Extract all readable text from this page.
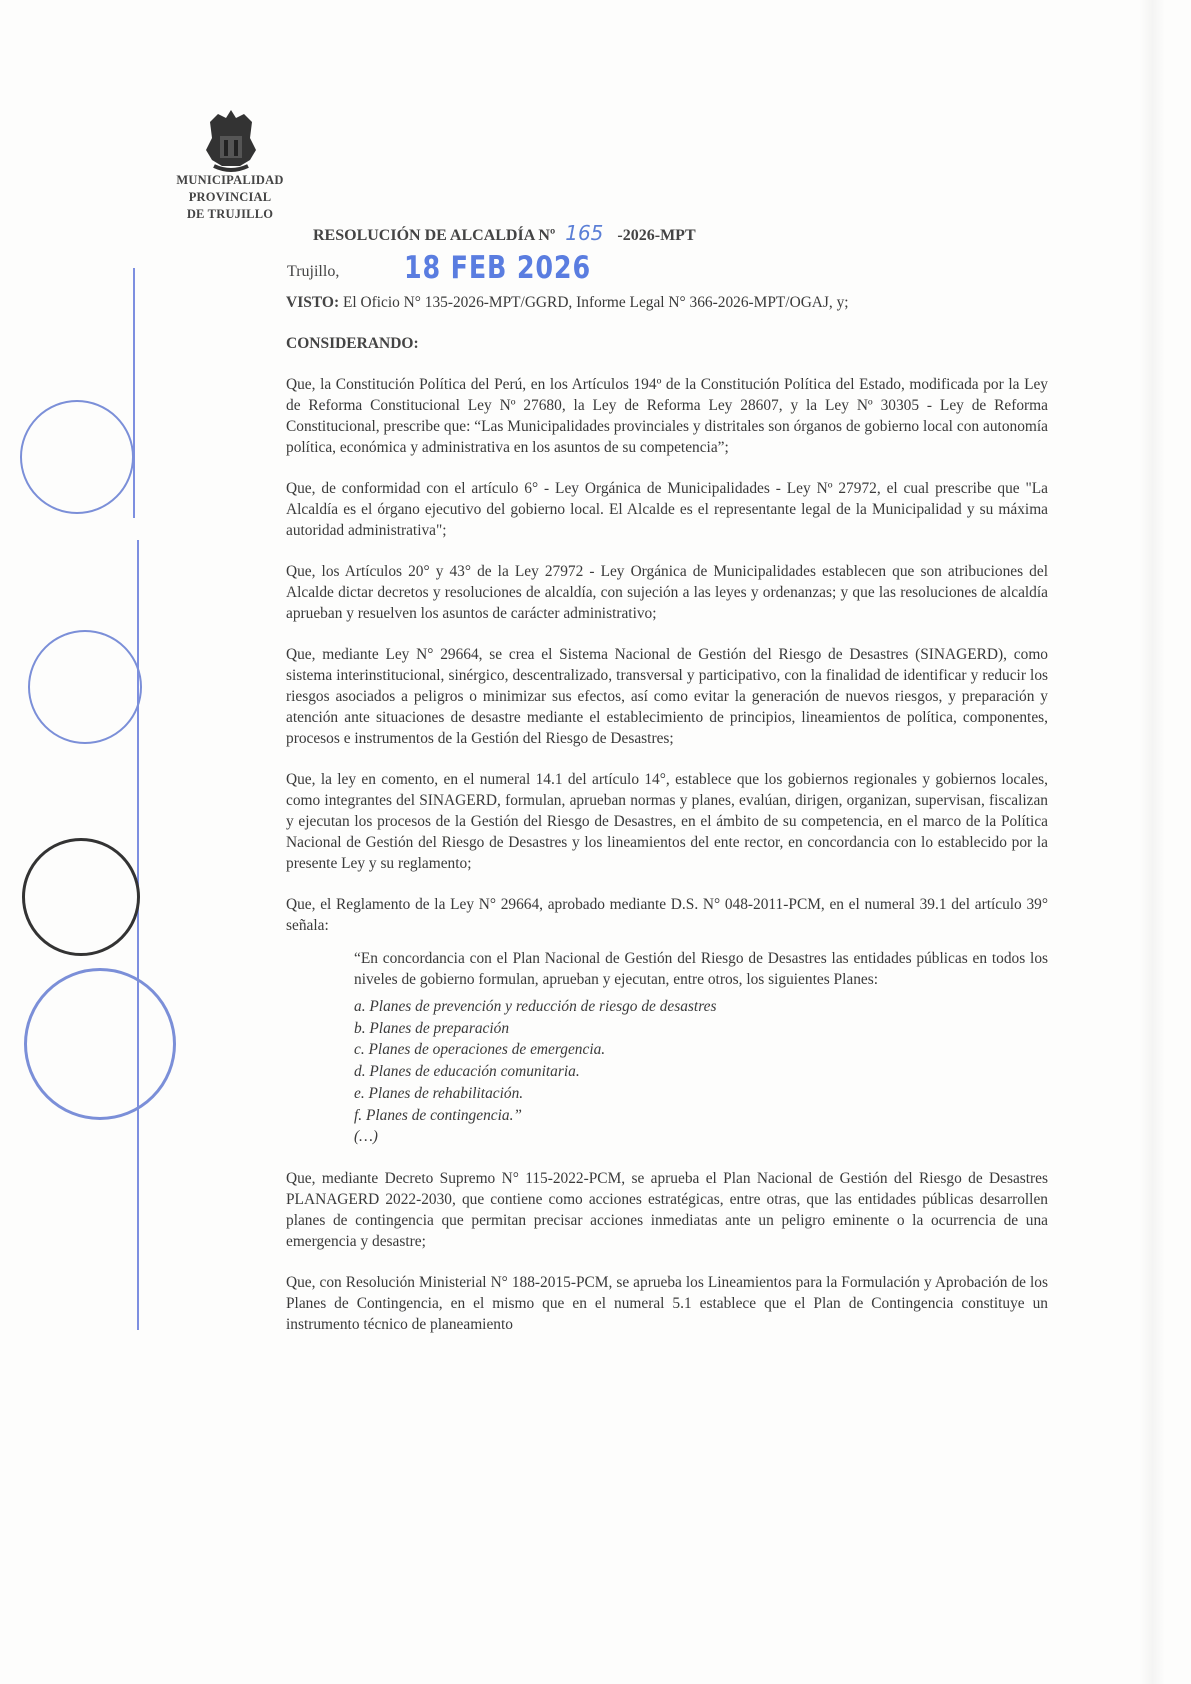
MUNICIPALIDAD PROVINCIAL
DE TRUJILLO
RESOLUCIÓN DE ALCALDÍA Nº 165 -2026-MPT
Trujillo, 18 FEB 2026

VISTO: El Oficio N° 135-2026-MPT/GGRD, Informe Legal N° 366-2026-MPT/OGAJ, y;

CONSIDERANDO:

Que, la Constitución Política del Perú, en los Artículos 194º de la Constitución Política del Estado, modificada por la Ley de Reforma Constitucional Ley Nº 27680, la Ley de Reforma Ley 28607, y la Ley Nº 30305 - Ley de Reforma Constitucional, prescribe que: “Las Municipalidades provinciales y distritales son órganos de gobierno local con autonomía política, económica y administrativa en los asuntos de su competencia”;

Que, de conformidad con el artículo 6° - Ley Orgánica de Municipalidades - Ley Nº 27972, el cual prescribe que "La Alcaldía es el órgano ejecutivo del gobierno local. El Alcalde es el representante legal de la Municipalidad y su máxima autoridad administrativa";

Que, los Artículos 20° y 43° de la Ley 27972 - Ley Orgánica de Municipalidades establecen que son atribuciones del Alcalde dictar decretos y resoluciones de alcaldía, con sujeción a las leyes y ordenanzas; y que las resoluciones de alcaldía aprueban y resuelven los asuntos de carácter administrativo;

Que, mediante Ley N° 29664, se crea el Sistema Nacional de Gestión del Riesgo de Desastres (SINAGERD), como sistema interinstitucional, sinérgico, descentralizado, transversal y participativo, con la finalidad de identificar y reducir los riesgos asociados a peligros o minimizar sus efectos, así como evitar la generación de nuevos riesgos, y preparación y atención ante situaciones de desastre mediante el establecimiento de principios, lineamientos de política, componentes, procesos e instrumentos de la Gestión del Riesgo de Desastres;

Que, la ley en comento, en el numeral 14.1 del artículo 14°, establece que los gobiernos regionales y gobiernos locales, como integrantes del SINAGERD, formulan, aprueban normas y planes, evalúan, dirigen, organizan, supervisan, fiscalizan y ejecutan los procesos de la Gestión del Riesgo de Desastres, en el ámbito de su competencia, en el marco de la Política Nacional de Gestión del Riesgo de Desastres y los lineamientos del ente rector, en concordancia con lo establecido por la presente Ley y su reglamento;

Que, el Reglamento de la Ley N° 29664, aprobado mediante D.S. N° 048-2011-PCM, en el numeral 39.1 del artículo 39° señala:

“En concordancia con el Plan Nacional de Gestión del Riesgo de Desastres las entidades públicas en todos los niveles de gobierno formulan, aprueban y ejecutan, entre otros, los siguientes Planes:

a. Planes de prevención y reducción de riesgo de desastres
b. Planes de preparación
c. Planes de operaciones de emergencia.
d. Planes de educación comunitaria.
e. Planes de rehabilitación.
f. Planes de contingencia.”
(…)

Que, mediante Decreto Supremo N° 115-2022-PCM, se aprueba el Plan Nacional de Gestión del Riesgo de Desastres PLANAGERD 2022-2030, que contiene como acciones estratégicas, entre otras, que las entidades públicas desarrollen planes de contingencia que permitan precisar acciones inmediatas ante un peligro eminente o la ocurrencia de una emergencia y desastre;

Que, con Resolución Ministerial N° 188-2015-PCM, se aprueba los Lineamientos para la Formulación y Aprobación de los Planes de Contingencia, en el mismo que en el numeral 5.1 establece que el Plan de Contingencia constituye un instrumento técnico de planeamiento
